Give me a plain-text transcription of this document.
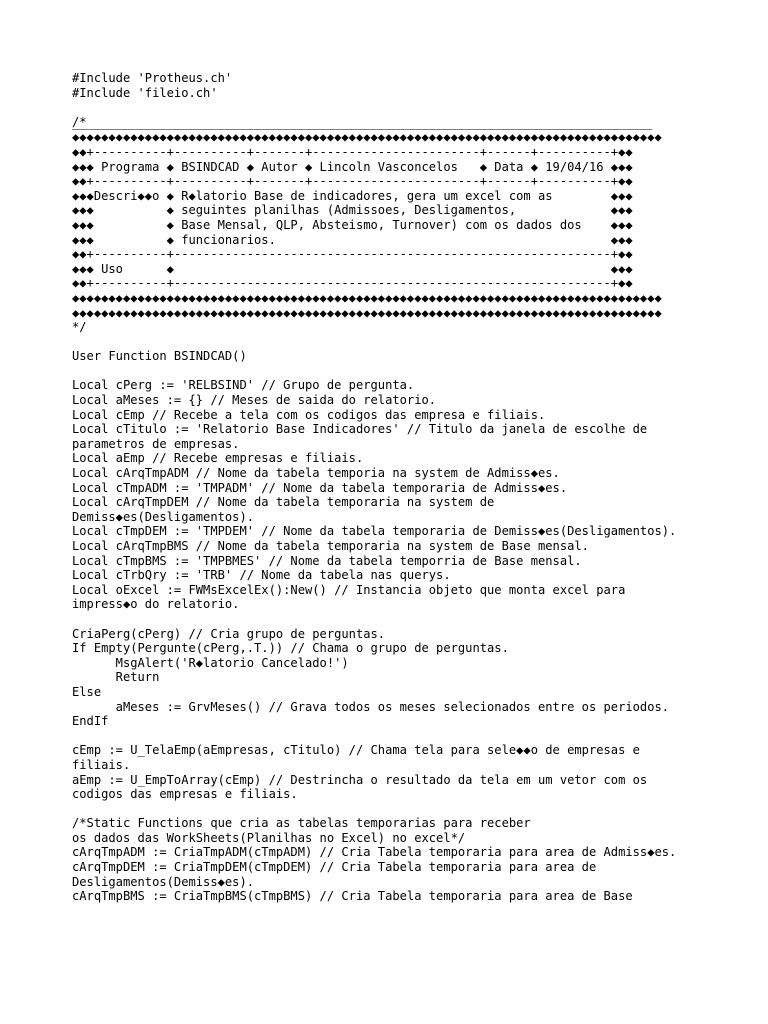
#Include 'Protheus.ch'
#Include 'fileio.ch'
/*
◆◆◆◆◆◆◆◆◆◆◆◆◆◆◆◆◆◆◆◆◆◆◆◆◆◆◆◆◆◆◆◆◆◆◆◆◆◆◆◆◆◆◆◆◆◆◆◆◆◆◆◆◆◆◆◆◆◆◆◆◆◆◆◆◆◆◆◆◆◆◆◆◆◆◆◆◆◆◆◆◆
◆◆+----------+----------+-------+-----------------------+------+----------+◆◆
◆◆◆ Programa ◆ BSINDCAD ◆ Autor ◆ Lincoln Vasconcelos   ◆ Data ◆ 19/04/16 ◆◆◆
◆◆+----------+----------+-------+-----------------------+------+----------+◆◆
◆◆◆Descri◆◆o ◆ R◆latorio Base de indicadores, gera um excel com as        ◆◆◆
◆◆◆          ◆ seguintes planilhas (Admissoes, Desligamentos,             ◆◆◆
◆◆◆          ◆ Base Mensal, QLP, Absteismo, Turnover) com os dados dos    ◆◆◆
◆◆◆          ◆ funcionarios.                                              ◆◆◆
◆◆+----------+------------------------------------------------------------+◆◆
◆◆◆ Uso      ◆                                                            ◆◆◆
◆◆+----------+------------------------------------------------------------+◆◆
◆◆◆◆◆◆◆◆◆◆◆◆◆◆◆◆◆◆◆◆◆◆◆◆◆◆◆◆◆◆◆◆◆◆◆◆◆◆◆◆◆◆◆◆◆◆◆◆◆◆◆◆◆◆◆◆◆◆◆◆◆◆◆◆◆◆◆◆◆◆◆◆◆◆◆◆◆◆◆◆◆
◆◆◆◆◆◆◆◆◆◆◆◆◆◆◆◆◆◆◆◆◆◆◆◆◆◆◆◆◆◆◆◆◆◆◆◆◆◆◆◆◆◆◆◆◆◆◆◆◆◆◆◆◆◆◆◆◆◆◆◆◆◆◆◆◆◆◆◆◆◆◆◆◆◆◆◆◆◆◆◆◆
*/
User Function BSINDCAD()
Local cPerg := 'RELBSIND' // Grupo de pergunta.
Local aMeses := {} // Meses de saida do relatorio.
Local cEmp // Recebe a tela com os codigos das empresa e filiais.
Local cTitulo := 'Relatorio Base Indicadores' // Titulo da janela de escolhe de
parametros de empresas.
Local aEmp // Recebe empresas e filiais.
Local cArqTmpADM // Nome da tabela temporia na system de Admiss◆es.
Local cTmpADM := 'TMPADM' // Nome da tabela temporaria de Admiss◆es.
Local cArqTmpDEM // Nome da tabela temporaria na system de
Demiss◆es(Desligamentos).
Local cTmpDEM := 'TMPDEM' // Nome da tabela temporaria de Demiss◆es(Desligamentos).
Local cArqTmpBMS // Nome da tabela temporaria na system de Base mensal.
Local cTmpBMS := 'TMPBMES' // Nome da tabela temporria de Base mensal.
Local cTrbQry := 'TRB' // Nome da tabela nas querys.
Local oExcel := FWMsExcelEx():New() // Instancia objeto que monta excel para
impress◆o do relatorio.
CriaPerg(cPerg) // Cria grupo de perguntas.
If Empty(Pergunte(cPerg,.T.)) // Chama o grupo de perguntas.
MsgAlert('R◆latorio Cancelado!')
Return
Else
aMeses := GrvMeses() // Grava todos os meses selecionados entre os periodos.
EndIf
cEmp := U_TelaEmp(aEmpresas, cTitulo) // Chama tela para sele◆◆o de empresas e
filiais.
aEmp := U_EmpToArray(cEmp) // Destrincha o resultado da tela em um vetor com os
codigos das empresas e filiais.
/*Static Functions que cria as tabelas temporarias para receber
os dados das WorkSheets(Planilhas no Excel) no excel*/
cArqTmpADM := CriaTmpADM(cTmpADM) // Cria Tabela temporaria para area de Admiss◆es.
cArqTmpDEM := CriaTmpDEM(cTmpDEM) // Cria Tabela temporaria para area de
Desligamentos(Demiss◆es).
cArqTmpBMS := CriaTmpBMS(cTmpBMS) // Cria Tabela temporaria para area de Base
